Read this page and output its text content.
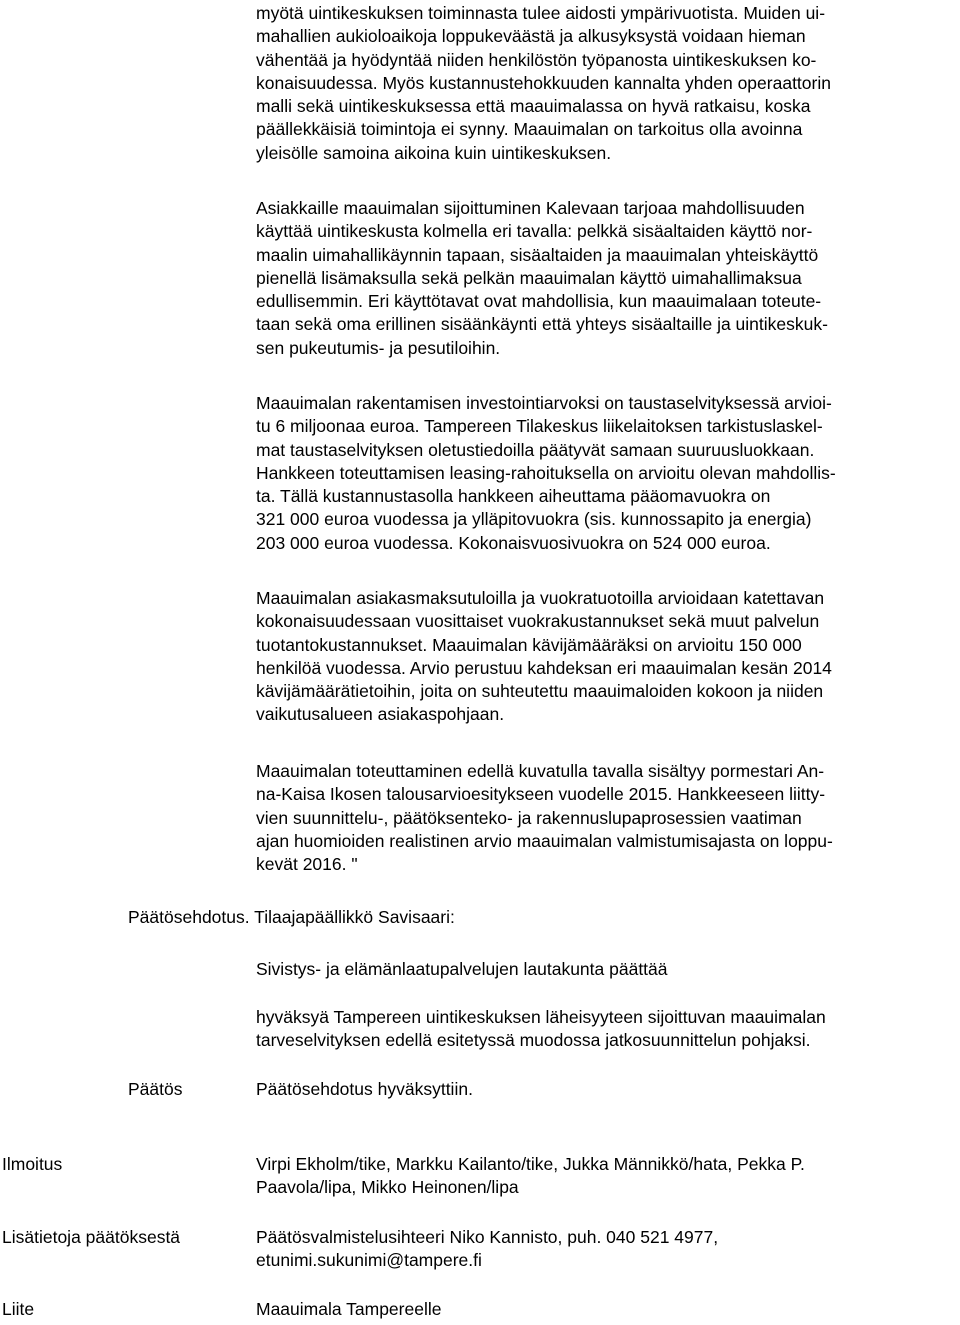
myötä uintikeskuksen toiminnasta tulee aidosti ympärivuotista. Muiden ui-
mahallien aukioloaikoja loppukeväästä ja alkusyksystä voidaan hieman
vähentää ja hyödyntää niiden henkilöstön työpanosta uintikeskuksen ko-
konaisuudessa. Myös kustannustehokkuuden kannalta yhden operaattorin
malli sekä uintikeskuksessa että maauimalassa on hyvä ratkaisu, koska
päällekkäisiä toimintoja ei synny. Maauimalan on tarkoitus olla avoinna
yleisölle samoina aikoina kuin uintikeskuksen.

Asiakkaille maauimalan sijoittuminen Kalevaan tarjoaa mahdollisuuden
käyttää uintikeskusta kolmella eri tavalla: pelkkä sisäaltaiden käyttö nor-
maalin uimahallikäynnin tapaan, sisäaltaiden ja maauimalan yhteiskäyttö
pienellä lisämaksulla sekä pelkän maauimalan käyttö uimahallimaksua
edullisemmin. Eri käyttötavat ovat mahdollisia, kun maauimalaan toteute-
taan sekä oma erillinen sisäänkäynti että yhteys sisäaltaille ja uintikeskuk-
sen pukeutumis- ja pesutiloihin.

Maauimalan rakentamisen investointiarvoksi on taustaselvityksessä arvioi-
tu 6 miljoonaa euroa. Tampereen Tilakeskus liikelaitoksen tarkistuslaskel-
mat taustaselvityksen oletustiedoilla päätyvät samaan suuruusluokkaan.
Hankkeen toteuttamisen leasing-rahoituksella on arvioitu olevan mahdollis-
ta. Tällä kustannustasolla hankkeen aiheuttama pääomavuokra on
321 000 euroa vuodessa ja ylläpitovuokra (sis. kunnossapito ja energia)
203 000 euroa vuodessa. Kokonaisvuosivuokra on 524 000 euroa.

Maauimalan asiakasmaksutuloilla ja vuokratuotoilla arvioidaan katettavan
kokonaisuudessaan vuosittaiset vuokrakustannukset sekä muut palvelun
tuotantokustannukset. Maauimalan kävijämääräksi on arvioitu 150 000
henkilöä vuodessa. Arvio perustuu kahdeksan eri maauimalan kesän 2014
kävijämäärätietoihin, joita on suhteutettu maauimaloiden kokoon ja niiden
vaikutusalueen asiakaspohjaan.

Maauimalan toteuttaminen edellä kuvatulla tavalla sisältyy pormestari An-
na-Kaisa Ikosen talousarvioesitykseen vuodelle 2015. Hankkeeseen liitty-
vien suunnittelu-, päätöksenteko- ja rakennuslupaprosessien vaatiman
ajan huomioiden realistinen arvio maauimalan valmistumisajasta on loppu-
kevät 2016. "

Päätösehdotus. Tilaajapäällikkö Savisaari:

Sivistys- ja elämänlaatupalvelujen lautakunta päättää

hyväksyä Tampereen uintikeskuksen läheisyyteen sijoittuvan maauimalan
tarveselvityksen edellä esitetyssä muodossa jatkosuunnittelun pohjaksi.

Päätös	Päätösehdotus hyväksyttiin.

Ilmoitus	Virpi Ekholm/tike, Markku Kailanto/tike, Jukka Männikkö/hata, Pekka P.
Paavola/lipa, Mikko Heinonen/lipa

Lisätietoja päätöksestä	Päätösvalmistelusihteeri Niko Kannisto, puh. 040 521 4977,
etunimi.sukunimi@tampere.fi

Liite	Maauimala Tampereelle
